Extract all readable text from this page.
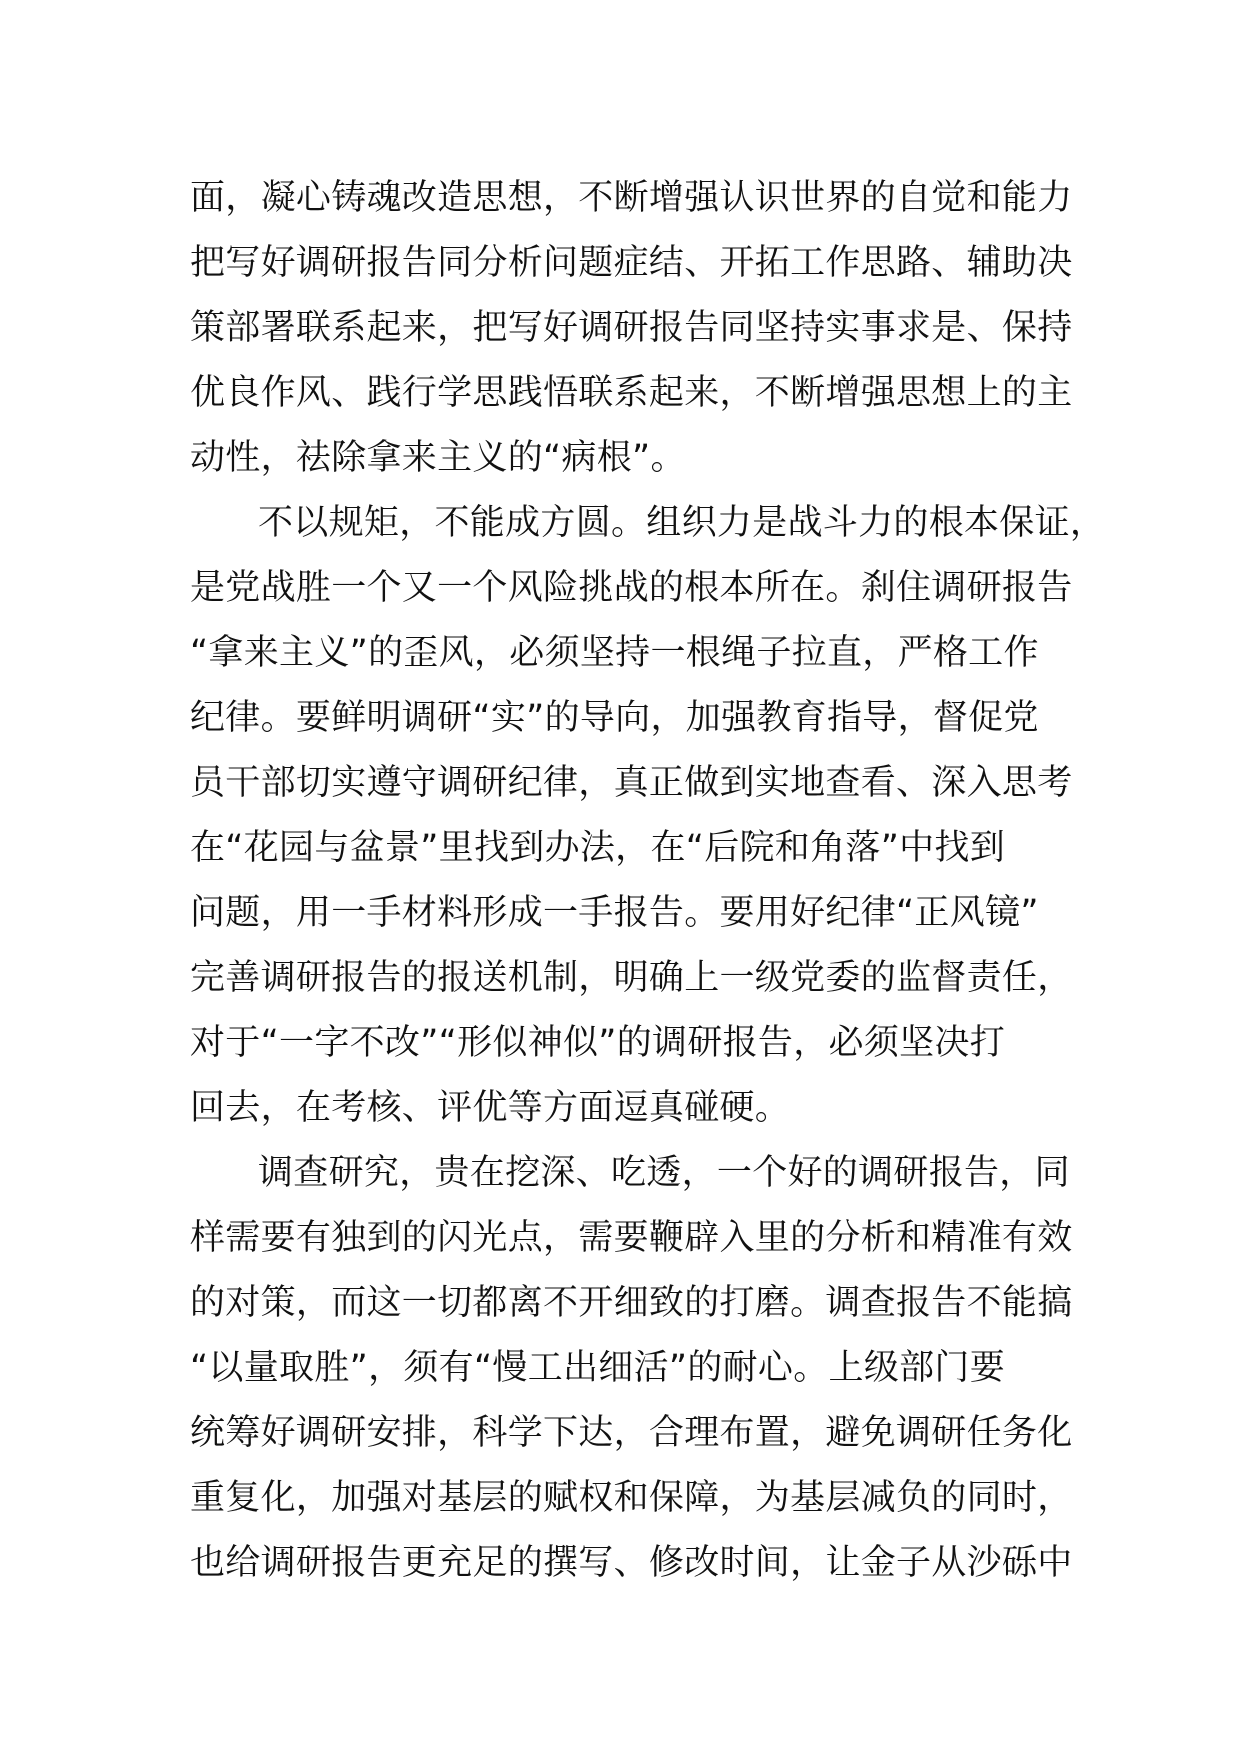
面，凝心铸魂改造思想，不断增强认识世界的自觉和能力
把写好调研报告同分析问题症结、开拓工作思路、辅助决
策部署联系起来，把写好调研报告同坚持实事求是、保持
优良作风、践行学思践悟联系起来，不断增强思想上的主
动性，祛除拿来主义的“病根”。
不以规矩，不能成方圆。组织力是战斗力的根本保证，
是党战胜一个又一个风险挑战的根本所在。刹住调研报告
“拿来主义”的歪风，必须坚持一根绳子拉直，严格工作
纪律。要鲜明调研“实”的导向，加强教育指导，督促党
员干部切实遵守调研纪律，真正做到实地查看、深入思考
在“花园与盆景”里找到办法，在“后院和角落”中找到
问题，用一手材料形成一手报告。要用好纪律“正风镜”
完善调研报告的报送机制，明确上一级党委的监督责任，
对于“一字不改”“形似神似”的调研报告，必须坚决打
回去，在考核、评优等方面逗真碰硬。
调查研究，贵在挖深、吃透，一个好的调研报告，同
样需要有独到的闪光点，需要鞭辟入里的分析和精准有效
的对策，而这一切都离不开细致的打磨。调查报告不能搞
“以量取胜”，须有“慢工出细活”的耐心。上级部门要
统筹好调研安排，科学下达，合理布置，避免调研任务化
重复化，加强对基层的赋权和保障，为基层减负的同时，
也给调研报告更充足的撰写、修改时间，让金子从沙砾中
